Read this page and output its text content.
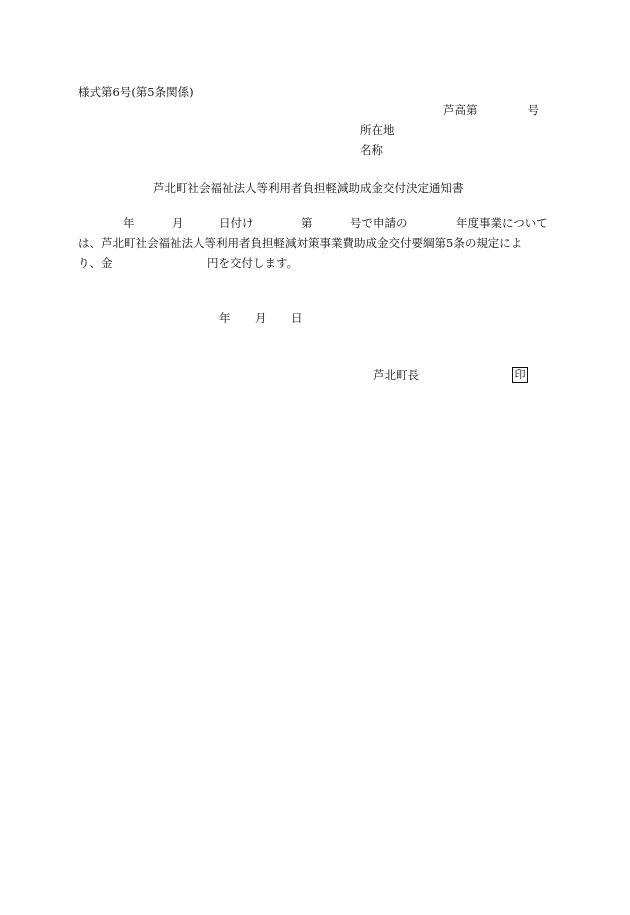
様式第6号(第5条関係)
芦高第	号
所在地
名称
芦北町社会福祉法人等利用者負担軽減助成金交付決定通知書
年	月	日付け	第	号で申請の	年度事業について
は、芦北町社会福祉法人等利用者負担軽減対策事業費助成金交付要綱第5条の規定によ
り、金	円を交付します。
年 月 日
芦北町長	印
